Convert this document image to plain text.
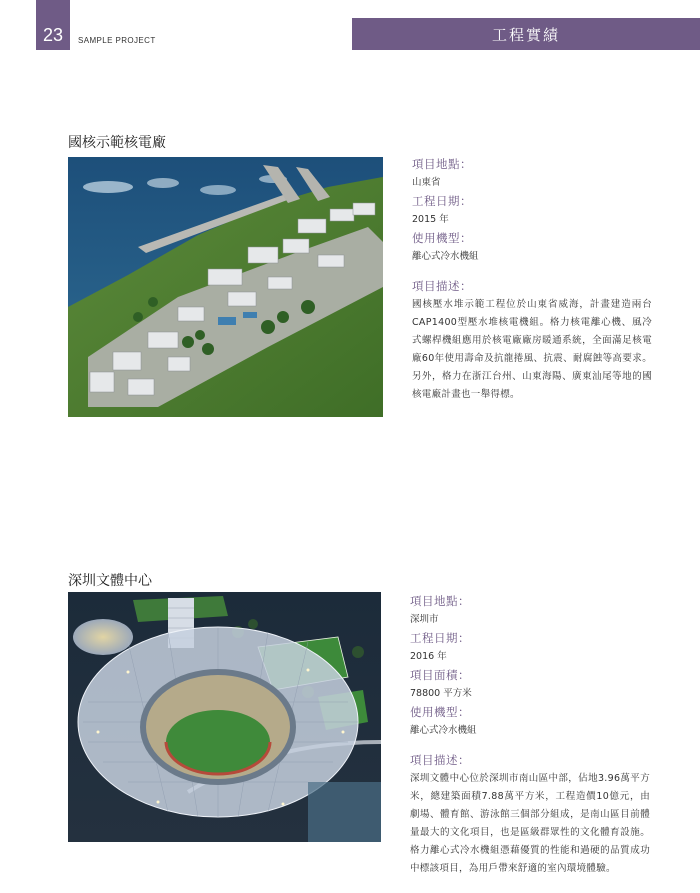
23	SAMPLE PROJECT	工程實績
國核示範核電廠
項目地點：
山東省
工程日期：
2015 年
使用機型：
離心式冷水機組
項目描述：
國核壓水堆示範工程位於山東省威海，計畫建造兩台CAP1400型壓水堆核電機組。格力核電離心機、風冷式螺桿機組應用於核電廠廠房暖通系統，全面滿足核電廠60年使用壽命及抗龍捲風、抗震、耐腐蝕等高要求。另外，格力在浙江台州、山東海陽、廣東汕尾等地的國核電廠計畫也一舉得標。
深圳文體中心
項目地點：
深圳市
工程日期：
2016 年
項目面積：
78800 平方米
使用機型：
離心式冷水機組
項目描述：
深圳文體中心位於深圳市南山區中部，佔地3.96萬平方米，總建築面積7.88萬平方米，工程造價10億元，由劇場、體育館、游泳館三個部分組成，是南山區目前體量最大的文化項目，也是區級群眾性的文化體育設施。格力離心式冷水機組憑藉優質的性能和過硬的品質成功中標該項目，為用戶帶來舒適的室內環境體驗。
